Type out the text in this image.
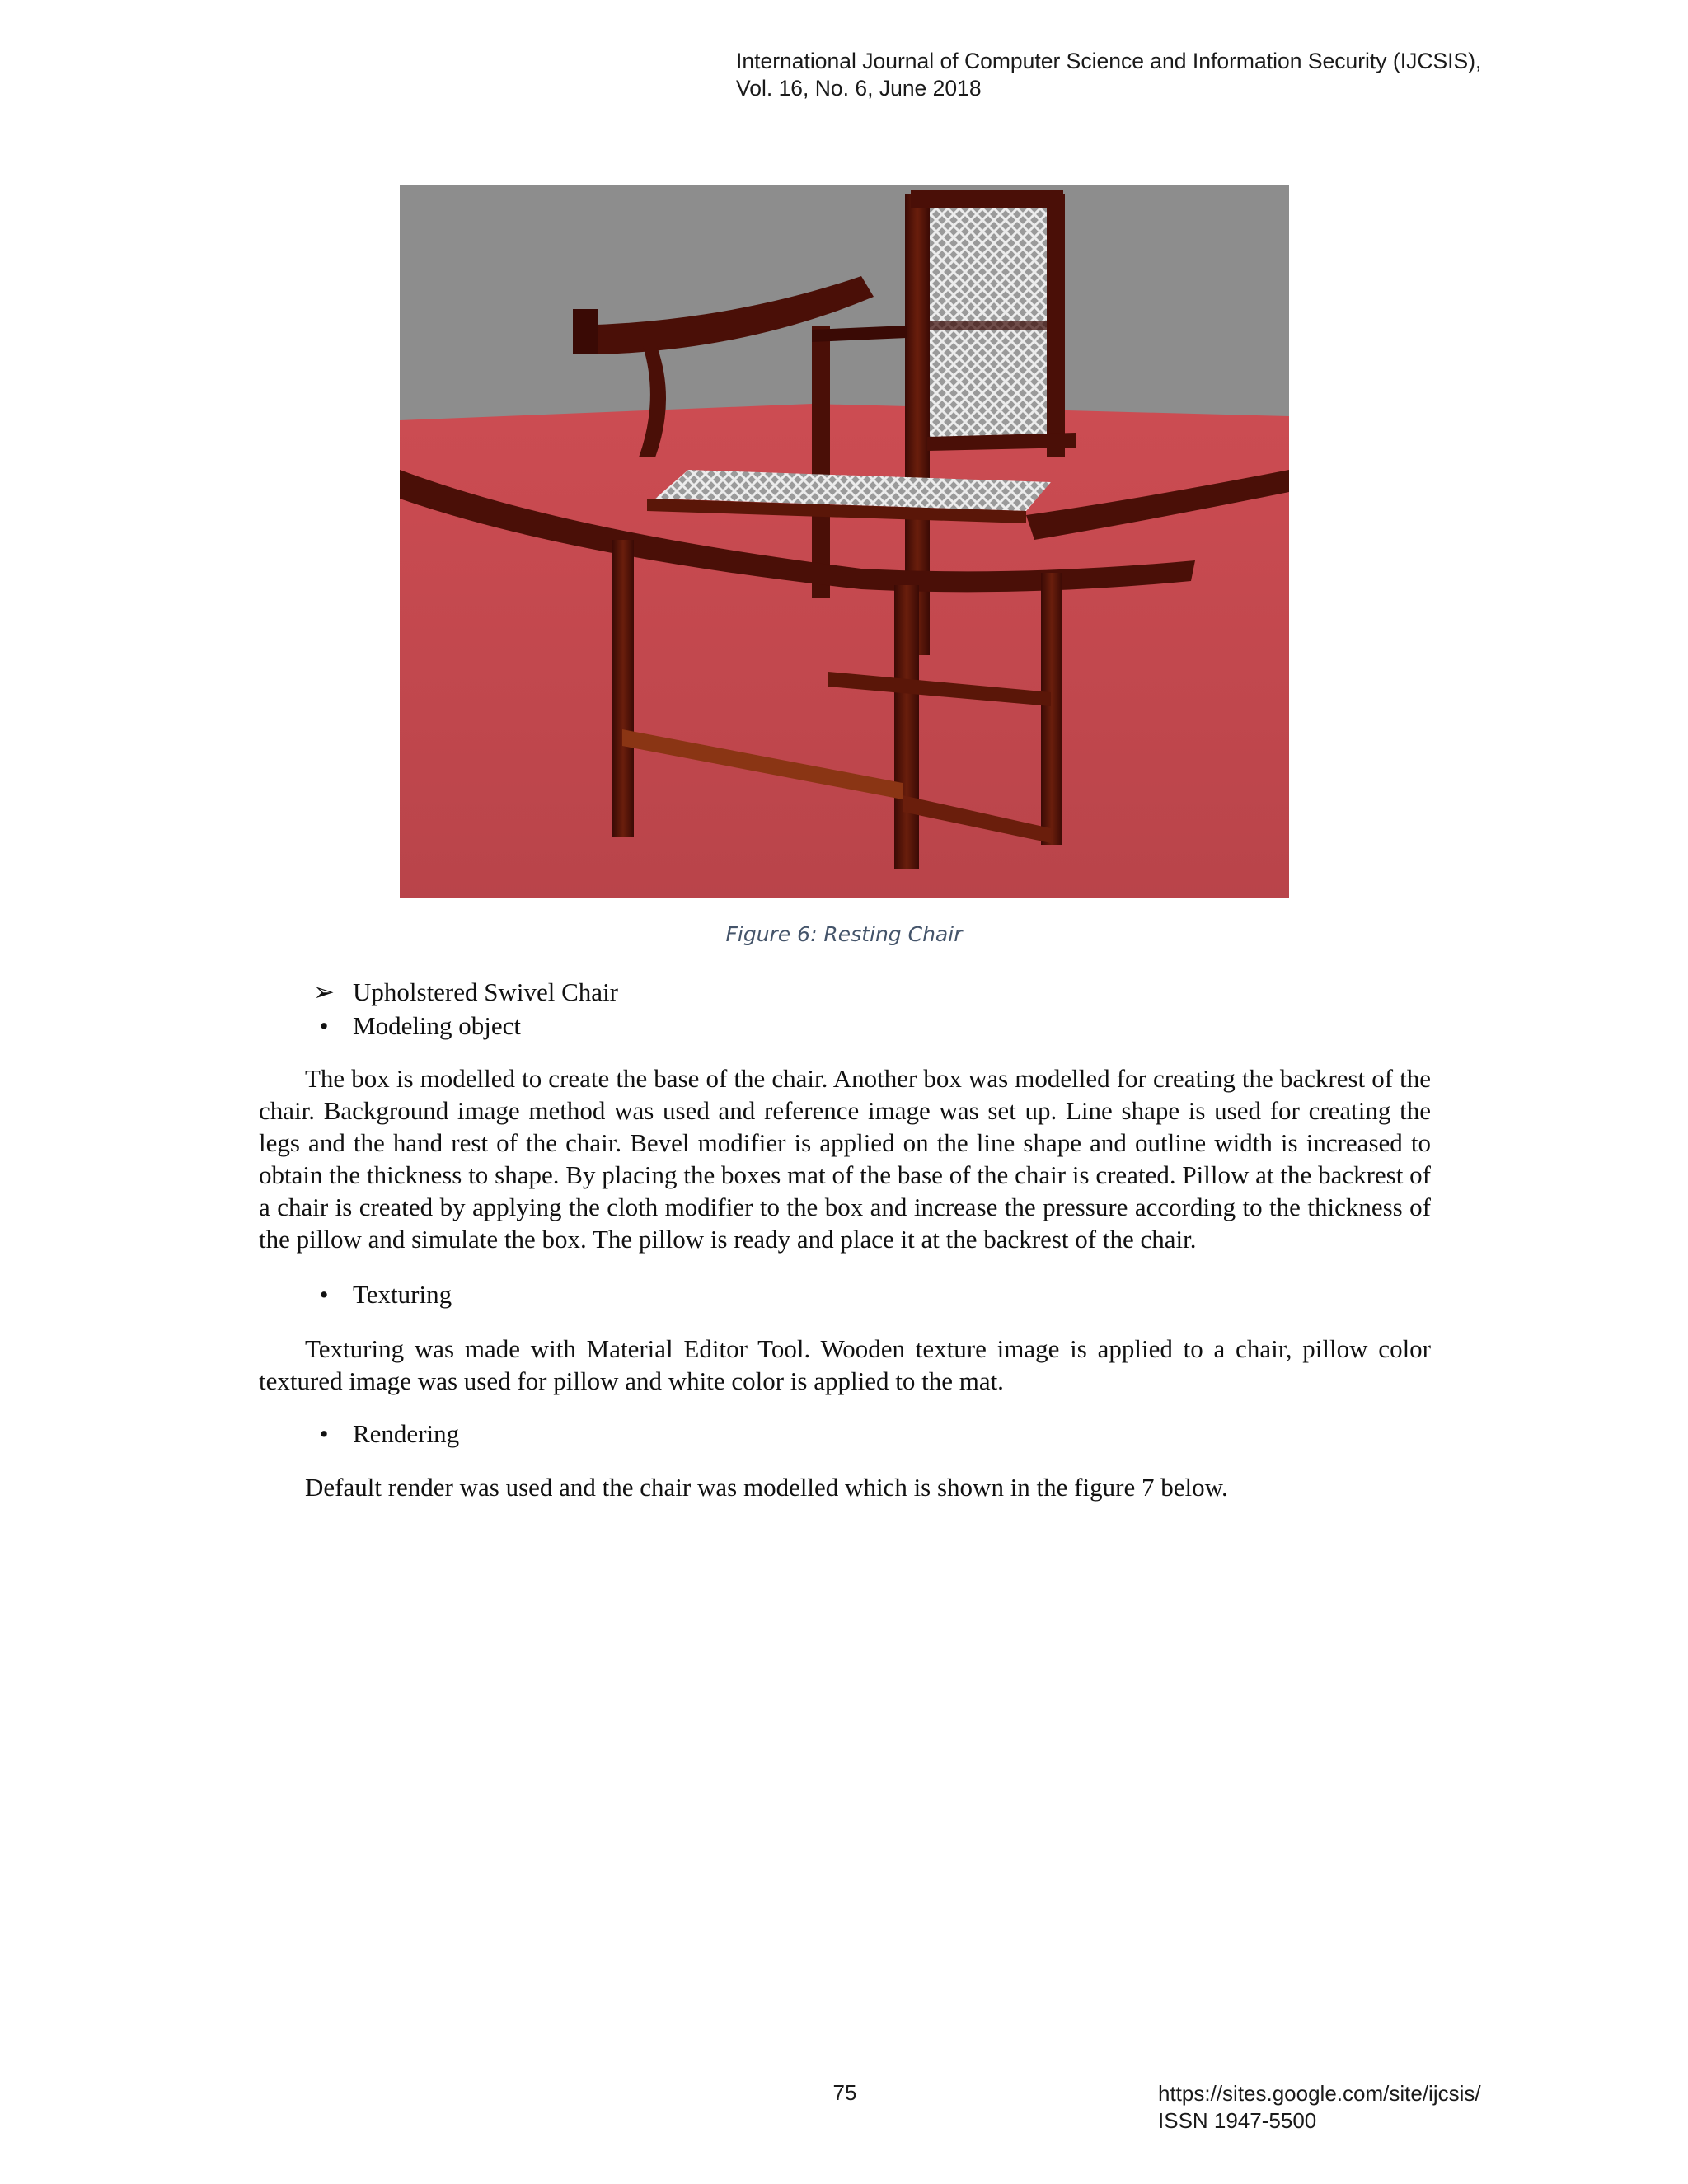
International Journal of Computer Science and Information Security (IJCSIS),
Vol. 16, No. 6, June 2018
Figure 6: Resting Chair
➢ Upholstered Swivel Chair
• Modeling object

The box is modelled to create the base of the chair. Another box was modelled for creating the backrest of the chair. Background image method was used and reference image was set up. Line shape is used for creating the legs and the hand rest of the chair. Bevel modifier is applied on the line shape and outline width is increased to obtain the thickness to shape. By placing the boxes mat of the base of the chair is created. Pillow at the backrest of a chair is created by applying the cloth modifier to the box and increase the pressure according to the thickness of the pillow and simulate the box. The pillow is ready and place it at the backrest of the chair.

• Texturing

Texturing was made with Material Editor Tool. Wooden texture image is applied to a chair, pillow color textured image was used for pillow and white color is applied to the mat.

• Rendering

Default render was used and the chair was modelled which is shown in the figure 7 below.

75	https://sites.google.com/site/ijcsis/
ISSN 1947-5500
